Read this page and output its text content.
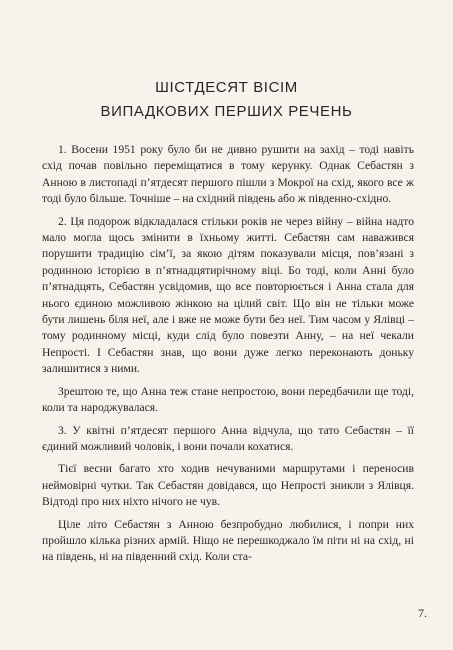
ШІСТДЕСЯТ ВІСІМ
ВИПАДКОВИХ ПЕРШИХ РЕЧЕНЬ

1. Восени 1951 року було би не дивно рушити на захід – тоді навіть схід почав повільно переміщатися в тому керунку. Однак Себастян з Анною в листопаді п’ятдесят першого пішли з Мокрої на схід, якого все ж тоді було більше. Точніше – на східний південь або ж південно-східно.

2. Ця подорож відкладалася стільки років не через війну – війна надто мало могла щось змінити в їхньому житті. Себастян сам наважився порушити традицію сім’ї, за якою дітям показували місця, пов’язані з родинною історією в п’ятнадцятирічному віці. Бо тоді, коли Анні було п’ятнадцять, Себастян усвідомив, що все повторюється і Анна стала для нього єдиною можливою жінкою на цілий світ. Що він не тільки може бути лишень біля неї, але і вже не може бути без неї. Тим часом у Ялівці – тому родинному місці, куди слід було повезти Анну, – на неї чекали Непрості. І Себастян знав, що вони дуже легко переконають доньку залишитися з ними.

Зрештою те, що Анна теж стане непростою, вони передбачили ще тоді, коли та народжувалася.

3. У квітні п’ятдесят першого Анна відчула, що тато Себастян – її єдиний можливий чоловік, і вони почали кохатися.

Тієї весни багато хто ходив нечуваними маршрутами і переносив неймовірні чутки. Так Себастян довідався, що Непрості зникли з Ялівця. Відтоді про них ніхто нічого не чув.

Ціле літо Себастян з Анною безпробудно любилися, і попри них пройшло кілька різних армій. Ніщо не перешкоджало їм піти ні на схід, ні на південь, ні на південний схід. Коли ста-

7.
